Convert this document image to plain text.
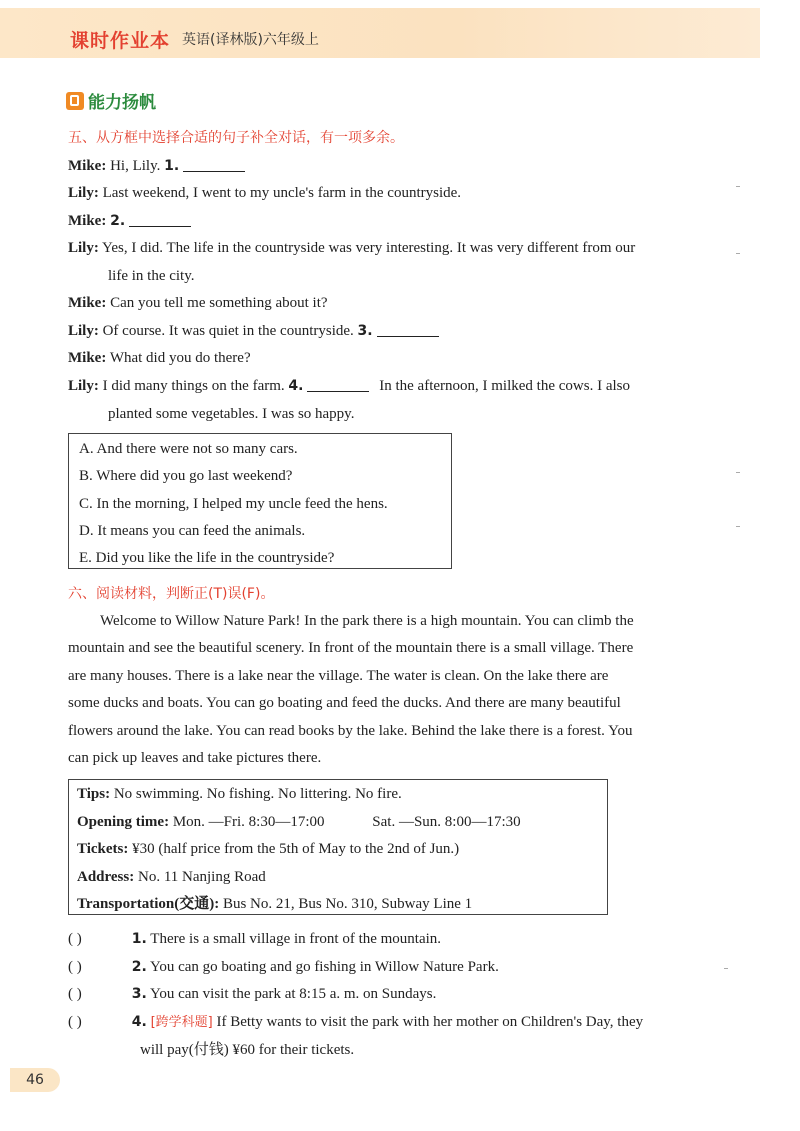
课时作业本 英语(译林版)六年级上
能力扬帆
五、从方框中选择合适的句子补全对话，有一项多余。
Mike: Hi, Lily. 1.
Lily: Last weekend, I went to my uncle's farm in the countryside.
Mike: 2.
Lily: Yes, I did. The life in the countryside was very interesting. It was very different from our
life in the city.
Mike: Can you tell me something about it?
Lily: Of course. It was quiet in the countryside. 3.
Mike: What did you do there?
Lily: I did many things on the farm. 4.	In the afternoon, I milked the cows. I also
planted some vegetables. I was so happy.
A. And there were not so many cars.
B. Where did you go last weekend?
C. In the morning, I helped my uncle feed the hens.
D. It means you can feed the animals.
E. Did you like the life in the countryside?
六、阅读材料，判断正(T)误(F)。
Welcome to Willow Nature Park! In the park there is a high mountain. You can climb the
mountain and see the beautiful scenery. In front of the mountain there is a small village. There
are many houses. There is a lake near the village. The water is clean. On the lake there are
some ducks and boats. You can go boating and feed the ducks. And there are many beautiful
flowers around the lake. You can read books by the lake. Behind the lake there is a forest. You
can pick up leaves and take pictures there.
Tips: No swimming. No fishing. No littering. No fire.
Opening time: Mon. —Fri. 8:30—17:00	Sat. —Sun. 8:00—17:30
Tickets: ¥30 (half price from the 5th of May to the 2nd of Jun.)
Address: No. 11 Nanjing Road
Transportation(交通): Bus No. 21, Bus No. 310, Subway Line 1
( )	1. There is a small village in front of the mountain.
( )	2. You can go boating and go fishing in Willow Nature Park.
( )	3. You can visit the park at 8:15 a. m. on Sundays.
( )	4. [跨学科题] If Betty wants to visit the park with her mother on Children's Day, they
will pay(付钱) ¥60 for their tickets.
46
